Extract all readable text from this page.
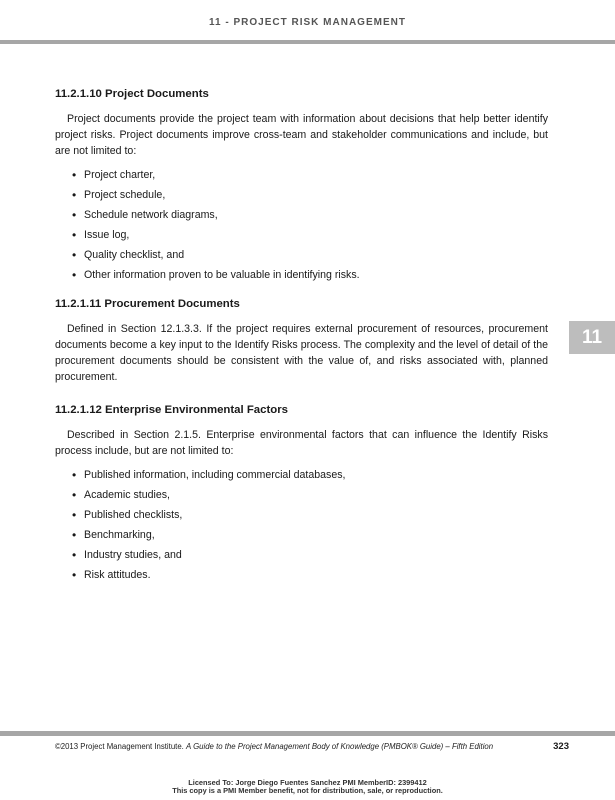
11 - PROJECT RISK MANAGEMENT
11.2.1.10 Project Documents

Project documents provide the project team with information about decisions that help better identify project risks. Project documents improve cross-team and stakeholder communications and include, but are not limited to:

• Project charter,
• Project schedule,
• Schedule network diagrams,
• Issue log,
• Quality checklist, and
• Other information proven to be valuable in identifying risks.
11.2.1.11 Procurement Documents

Defined in Section 12.1.3.3. If the project requires external procurement of resources, procurement documents become a key input to the Identify Risks process. The complexity and the level of detail of the procurement documents should be consistent with the value of, and risks associated with, planned procurement.

11.2.1.12 Enterprise Environmental Factors

Described in Section 2.1.5. Enterprise environmental factors that can influence the Identify Risks process include, but are not limited to:

• Published information, including commercial databases,
• Academic studies,
• Published checklists,
• Benchmarking,
• Industry studies, and
• Risk attitudes.
11
©2013 Project Management Institute. A Guide to the Project Management Body of Knowledge (PMBOK® Guide) – Fifth Edition	323
Licensed To: Jorge Diego Fuentes Sanchez PMI MemberID: 2399412
This copy is a PMI Member benefit, not for distribution, sale, or reproduction.
